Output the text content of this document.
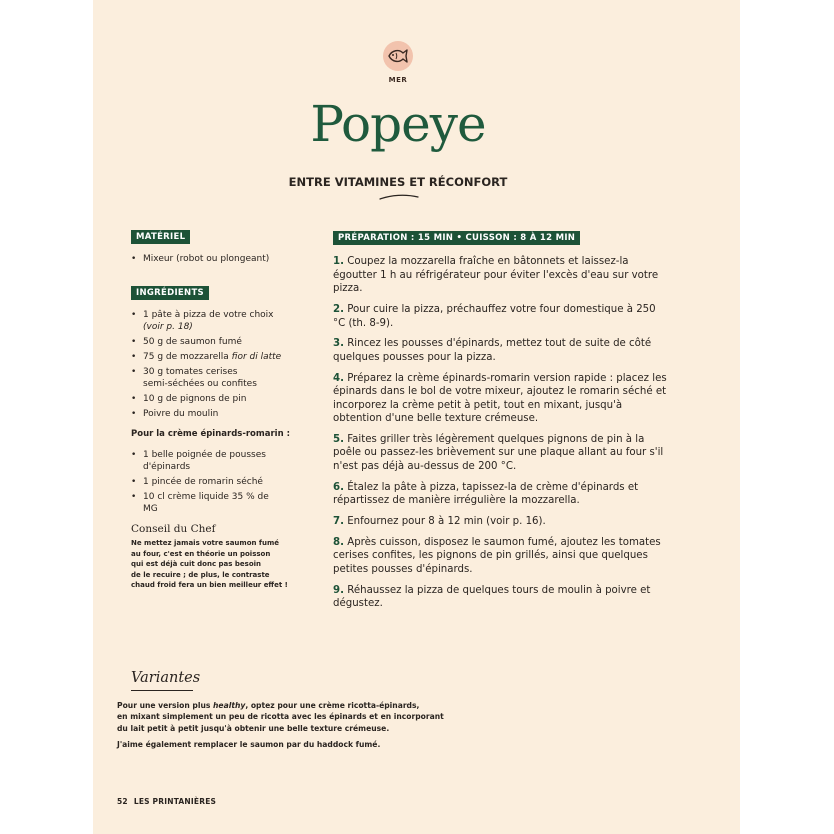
MER
Popeye
ENTRE VITAMINES ET RÉCONFORT
MATÉRIEL
• Mixeur (robot ou plongeant)
INGRÉDIENTS
• 1 pâte à pizza de votre choix
(voir p. 18)
• 50 g de saumon fumé
• 75 g de mozzarella fior di latte
• 30 g tomates cerises semi-séchées ou confites
• 10 g de pignons de pin
• Poivre du moulin
Pour la crème épinards-romarin :
• 1 belle poignée de pousses d'épinards
• 1 pincée de romarin séché
• 10 cl crème liquide 35 % de MG
Conseil du Chef
Ne mettez jamais votre saumon fumé
au four, c'est en théorie un poisson
qui est déjà cuit donc pas besoin
de le recuire ; de plus, le contraste
chaud froid fera un bien meilleur effet !
PRÉPARATION : 15 MIN • CUISSON : 8 À 12 MIN

1. Coupez la mozzarella fraîche en bâtonnets et laissez-la égoutter 1 h au réfrigérateur pour éviter l'excès d'eau sur votre pizza.

2. Pour cuire la pizza, préchauffez votre four domestique à 250 °C (th. 8-9).

3. Rincez les pousses d'épinards, mettez tout de suite de côté quelques pousses pour la pizza.

4. Préparez la crème épinards-romarin version rapide : placez les épinards dans le bol de votre mixeur, ajoutez le romarin séché et incorporez la crème petit à petit, tout en mixant, jusqu'à obtention d'une belle texture crémeuse.

5. Faites griller très légèrement quelques pignons de pin à la poêle ou passez-les brièvement sur une plaque allant au four s'il n'est pas déjà au-dessus de 200 °C.

6. Étalez la pâte à pizza, tapissez-la de crème d'épinards et répartissez de manière irrégulière la mozzarella.

7. Enfournez pour 8 à 12 min (voir p. 16).

8. Après cuisson, disposez le saumon fumé, ajoutez les tomates cerises confites, les pignons de pin grillés, ainsi que quelques petites pousses d'épinards.

9. Réhaussez la pizza de quelques tours de moulin à poivre et dégustez.

Variantes

Pour une version plus healthy, optez pour une crème ricotta-épinards,
en mixant simplement un peu de ricotta avec les épinards et en incorporant
du lait petit à petit jusqu'à obtenir une belle texture crémeuse.

J'aime également remplacer le saumon par du haddock fumé.

52 LES PRINTANIÈRES
